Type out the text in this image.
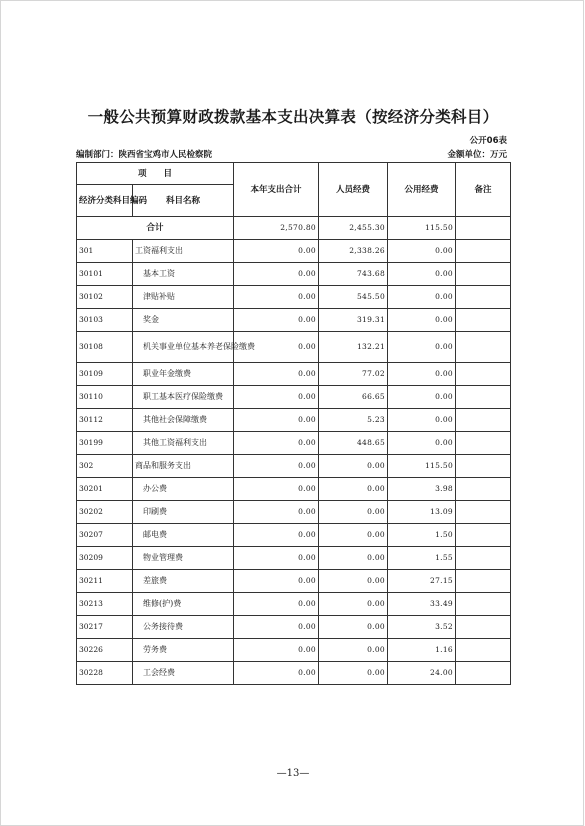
一般公共预算财政拨款基本支出决算表（按经济分类科目）
公开06表
编制部门：陕西省宝鸡市人民检察院	金额单位：万元
项　　目		本年支出合计	人员经费	公用经费	备注
经济分类科目编码	科目名称				
合计		2,570.80	2,455.30	115.50	
301	工资福利支出	0.00	2,338.26	0.00	
30101	基本工资	0.00	743.68	0.00	
30102	津贴补贴	0.00	545.50	0.00	
30103	奖金	0.00	319.31	0.00	
30108	机关事业单位基本养老保险缴费	0.00	132.21	0.00	
30109	职业年金缴费	0.00	77.02	0.00	
30110	职工基本医疗保险缴费	0.00	66.65	0.00	
30112	其他社会保障缴费	0.00	5.23	0.00	
30199	其他工资福利支出	0.00	448.65	0.00	
302	商品和服务支出	0.00	0.00	115.50	
30201	办公费	0.00	0.00	3.98	
30202	印刷费	0.00	0.00	13.09	
30207	邮电费	0.00	0.00	1.50	
30209	物业管理费	0.00	0.00	1.55	
30211	差旅费	0.00	0.00	27.15	
30213	维修(护)费	0.00	0.00	33.49	
30217	公务接待费	0.00	0.00	3.52	
30226	劳务费	0.00	0.00	1.16	
30228	工会经费	0.00	0.00	24.00	
—13—
